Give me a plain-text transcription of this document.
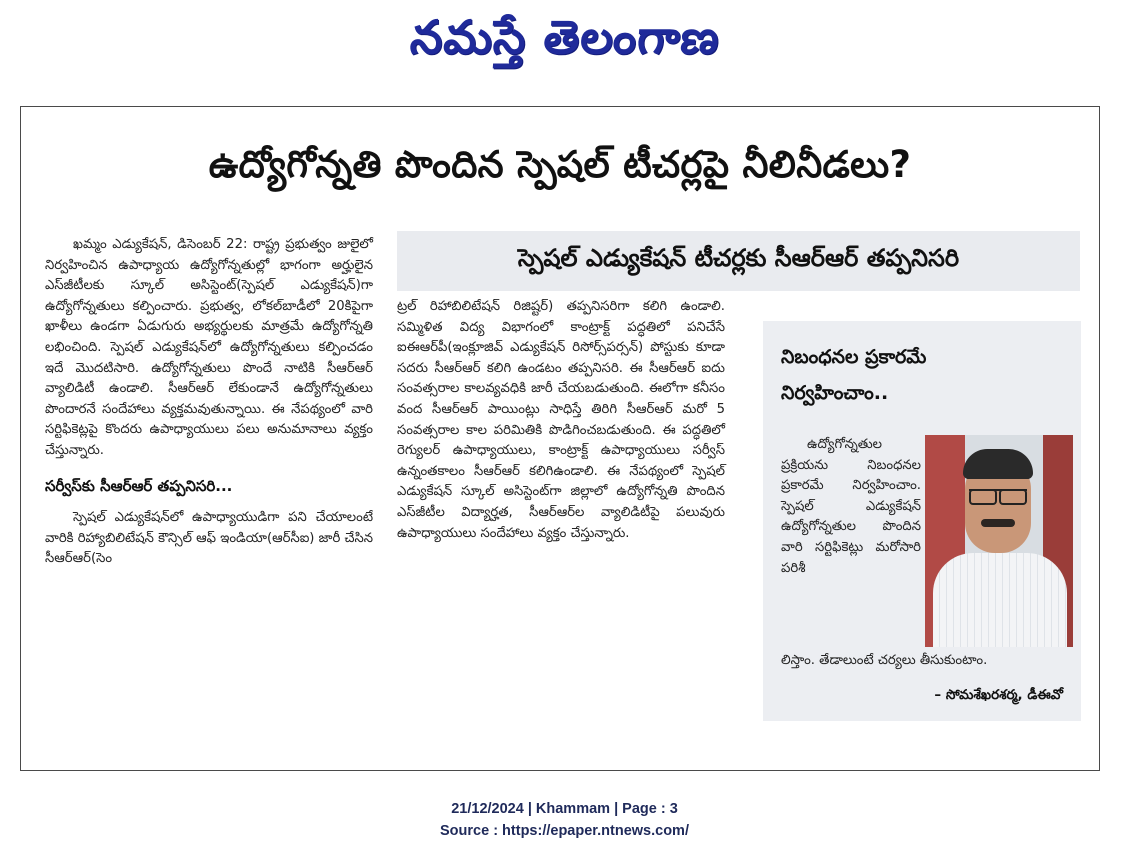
నమస్తే తెలంగాణ
ఉద్యోగోన్నతి పొందిన స్పెషల్ టీచర్లపై నీలినీడలు?
స్పెషల్ ఎడ్యుకేషన్ టీచర్లకు సీఆర్ఆర్ తప్పనిసరి

ఖమ్మం ఎడ్యుకేషన్, డిసెంబర్ 22: రాష్ట్ర ప్రభుత్వం జులైలో నిర్వహించిన ఉపాధ్యాయ ఉద్యోగోన్నతుల్లో భాగంగా అర్హులైన ఎస్‌జీటీలకు స్కూల్ అసిస్టెంట్(స్పెషల్ ఎడ్యుకేషన్)గా ఉద్యోగోన్నతులు కల్పించారు. ప్రభుత్వ, లోకల్‌బాడీలో 20కిపైగా ఖాళీలు ఉండగా ఏడుగురు అభ్యర్థులకు మాత్రమే ఉద్యోగోన్నతి లభించింది. స్పెషల్ ఎడ్యుకేషన్‌లో ఉద్యోగోన్నతులు కల్పించడం ఇదే మొదటిసారి. ఉద్యోగోన్నతులు పొందే నాటికి సీఆర్ఆర్ వ్యాలిడిటీ ఉండాలి. సీఆర్ఆర్ లేకుండానే ఉద్యోగోన్నతులు పొందారనే సందేహాలు వ్యక్తమవుతున్నాయి. ఈ నేపథ్యంలో వారి సర్టిఫికెట్లపై కొందరు ఉపాధ్యాయులు పలు అనుమానాలు వ్యక్తం చేస్తున్నారు.

సర్వీస్‌కు సీఆర్ఆర్ తప్పనిసరి...

స్పెషల్ ఎడ్యుకేషన్‌లో ఉపాధ్యాయుడిగా పని చేయాలంటే వారికి రిహ్యాబిలిటేషన్ కౌన్సిల్ ఆఫ్ ఇండియా(ఆర్‌సీఐ) జారీ చేసిన సీఆర్ఆర్(సెం

ట్రల్ రిహాబిలిటేషన్ రిజిష్టర్) తప్పనిసరిగా కలిగి ఉండాలి. సమ్మిళిత విద్య విభాగంలో కాంట్రాక్ట్ పద్ధతిలో పనిచేసే ఐఈఆర్‌పీ(ఇంక్లూజివ్ ఎడ్యుకేషన్ రిసోర్స్‌పర్సన్) పోస్టుకు కూడా సదరు సీఆర్ఆర్ కలిగి ఉండటం తప్పనిసరి. ఈ సీఆర్ఆర్ ఐదు సంవత్సరాల కాలవ్యవధికి జారీ చేయబడుతుంది. ఈలోగా కనీసం వంద సీఆర్ఆర్ పాయింట్లు సాధిస్తే తిరిగి సీఆర్ఆర్ మరో 5 సంవత్సరాల కాల పరిమితికి పొడిగించబడుతుంది. ఈ పద్ధతిలో రెగ్యులర్ ఉపాధ్యాయులు, కాంట్రాక్ట్ ఉపాధ్యాయులు సర్వీస్ ఉన్నంతకాలం సీఆర్ఆర్ కలిగిఉండాలి. ఈ నేపథ్యంలో స్పెషల్ ఎడ్యుకేషన్ స్కూల్ అసిస్టెంట్‌గా జిల్లాలో ఉద్యోగోన్నతి పొందిన ఎస్‌జీటీల విద్యార్హత, సీఆర్ఆర్‌ల వ్యాలిడిటీపై పలువురు ఉపాధ్యాయులు సందేహాలు వ్యక్తం చేస్తున్నారు.

నిబంధనల ప్రకారమే
నిర్వహించాం..

ఉద్యోగోన్నతుల ప్రక్రియను నిబంధనల ప్రకారమే నిర్వహించాం. స్పెషల్ ఎడ్యుకేషన్ ఉద్యోగోన్నతుల పొందిన వారి సర్టిఫికెట్లు మరోసారి పరిశీ

లిస్తాం. తేడాలుంటే చర్యలు తీసుకుంటాం.
– సోమశేఖరశర్మ, డీఈవో
21/12/2024 | Khammam | Page : 3
Source : https://epaper.ntnews.com/
